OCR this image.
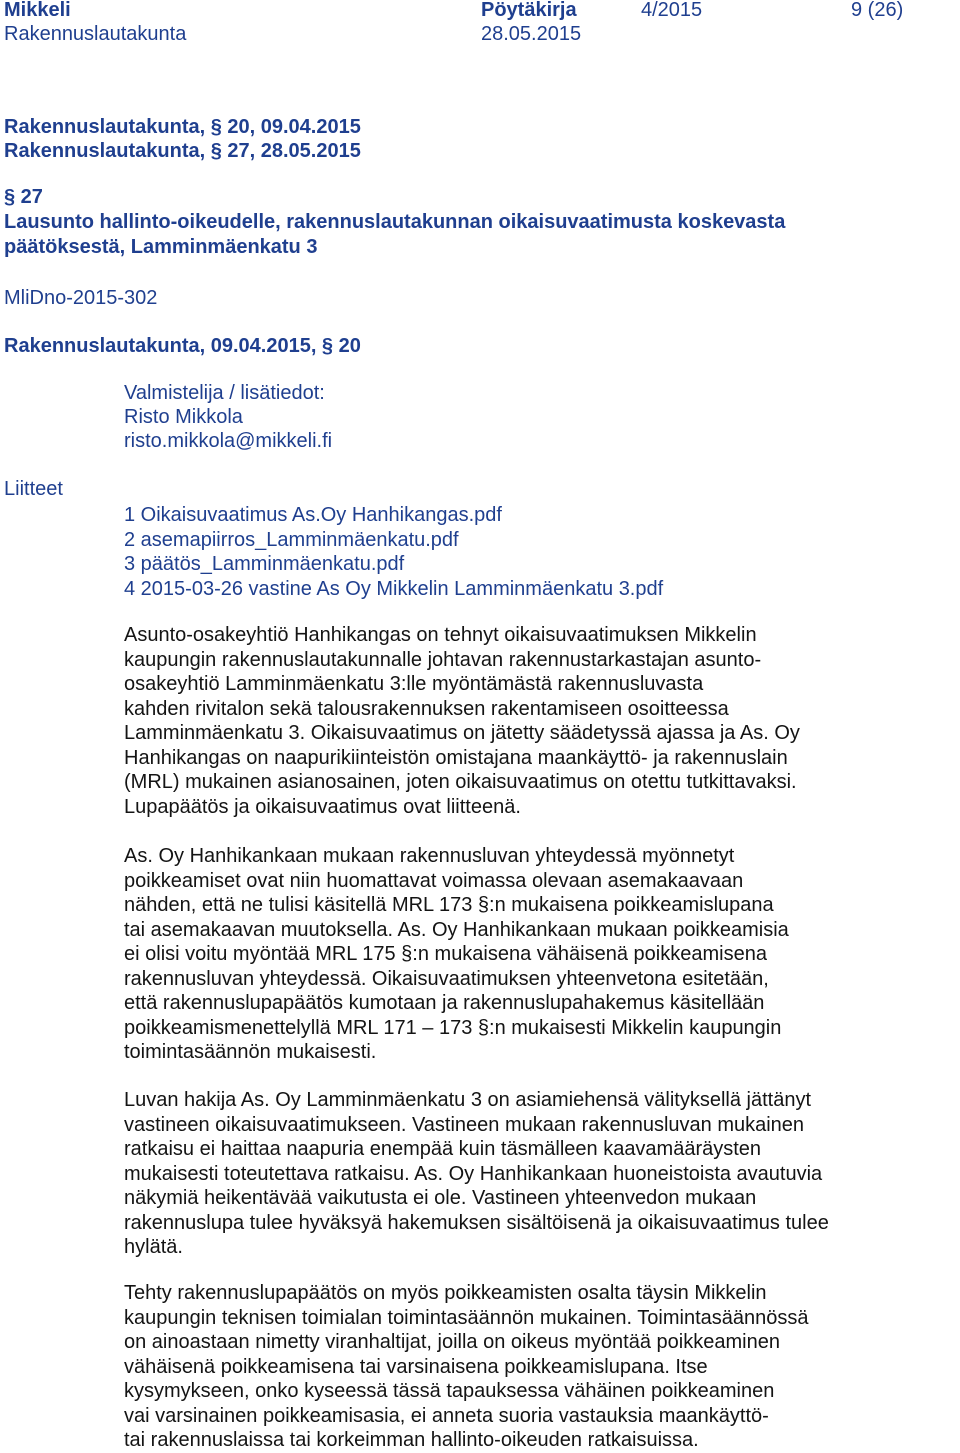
Mikkeli	Pöytäkirja	4/2015	9 (26)
Rakennuslautakunta	28.05.2015
Rakennuslautakunta, § 20, 09.04.2015
Rakennuslautakunta, § 27, 28.05.2015
§ 27
Lausunto hallinto-oikeudelle, rakennuslautakunnan oikaisuvaatimusta koskevasta
päätöksestä, Lamminmäenkatu 3
MliDno-2015-302
Rakennuslautakunta, 09.04.2015, § 20
Valmistelija / lisätiedot:
Risto Mikkola
risto.mikkola@mikkeli.fi
Liitteet
1 Oikaisuvaatimus As.Oy Hanhikangas.pdf
2 asemapiirros_Lamminmäenkatu.pdf
3 päätös_Lamminmäenkatu.pdf
4 2015-03-26 vastine As Oy Mikkelin Lamminmäenkatu 3.pdf
Asunto-osakeyhtiö Hanhikangas on tehnyt oikaisuvaatimuksen Mikkelin
kaupungin rakennuslautakunnalle johtavan rakennustarkastajan asunto-
osakeyhtiö Lamminmäenkatu 3:lle myöntämästä rakennusluvasta
kahden rivitalon sekä talousrakennuksen rakentamiseen osoitteessa
Lamminmäenkatu 3. Oikaisuvaatimus on jätetty säädetyssä ajassa ja As. Oy
Hanhikangas on naapurikiinteistön omistajana maankäyttö- ja rakennuslain
(MRL) mukainen asianosainen, joten oikaisuvaatimus on otettu tutkittavaksi.
Lupapäätös ja oikaisuvaatimus ovat liitteenä.
As. Oy Hanhikankaan mukaan rakennusluvan yhteydessä myönnetyt
poikkeamiset ovat niin huomattavat voimassa olevaan asemakaavaan
nähden, että ne tulisi käsitellä MRL 173 §:n mukaisena poikkeamislupana
tai asemakaavan muutoksella. As. Oy Hanhikankaan mukaan poikkeamisia
ei olisi voitu myöntää MRL 175 §:n mukaisena vähäisenä poikkeamisena
rakennusluvan yhteydessä. Oikaisuvaatimuksen yhteenvetona esitetään,
että rakennuslupapäätös kumotaan ja rakennuslupahakemus käsitellään
poikkeamismenettelyllä MRL 171 – 173 §:n mukaisesti Mikkelin kaupungin
toimintasäännön mukaisesti.
Luvan hakija As. Oy Lamminmäenkatu 3 on asiamiehensä välityksellä jättänyt
vastineen oikaisuvaatimukseen. Vastineen mukaan rakennusluvan mukainen
ratkaisu ei haittaa naapuria enempää kuin täsmälleen kaavamääräysten
mukaisesti toteutettava ratkaisu. As. Oy Hanhikankaan huoneistoista avautuvia
näkymiä heikentävää vaikutusta ei ole. Vastineen yhteenvedon mukaan
rakennuslupa tulee hyväksyä hakemuksen sisältöisenä ja oikaisuvaatimus tulee
hylätä.
Tehty rakennuslupapäätös on myös poikkeamisten osalta täysin Mikkelin
kaupungin teknisen toimialan toimintasäännön mukainen. Toimintasäännössä
on ainoastaan nimetty viranhaltijat, joilla on oikeus myöntää poikkeaminen
vähäisenä poikkeamisena tai varsinaisena poikkeamislupana. Itse
kysymykseen, onko kyseessä tässä tapauksessa vähäinen poikkeaminen
vai varsinainen poikkeamisasia, ei anneta suoria vastauksia maankäyttö-
tai rakennuslaissa tai korkeimman hallinto-oikeuden ratkaisuissa.
